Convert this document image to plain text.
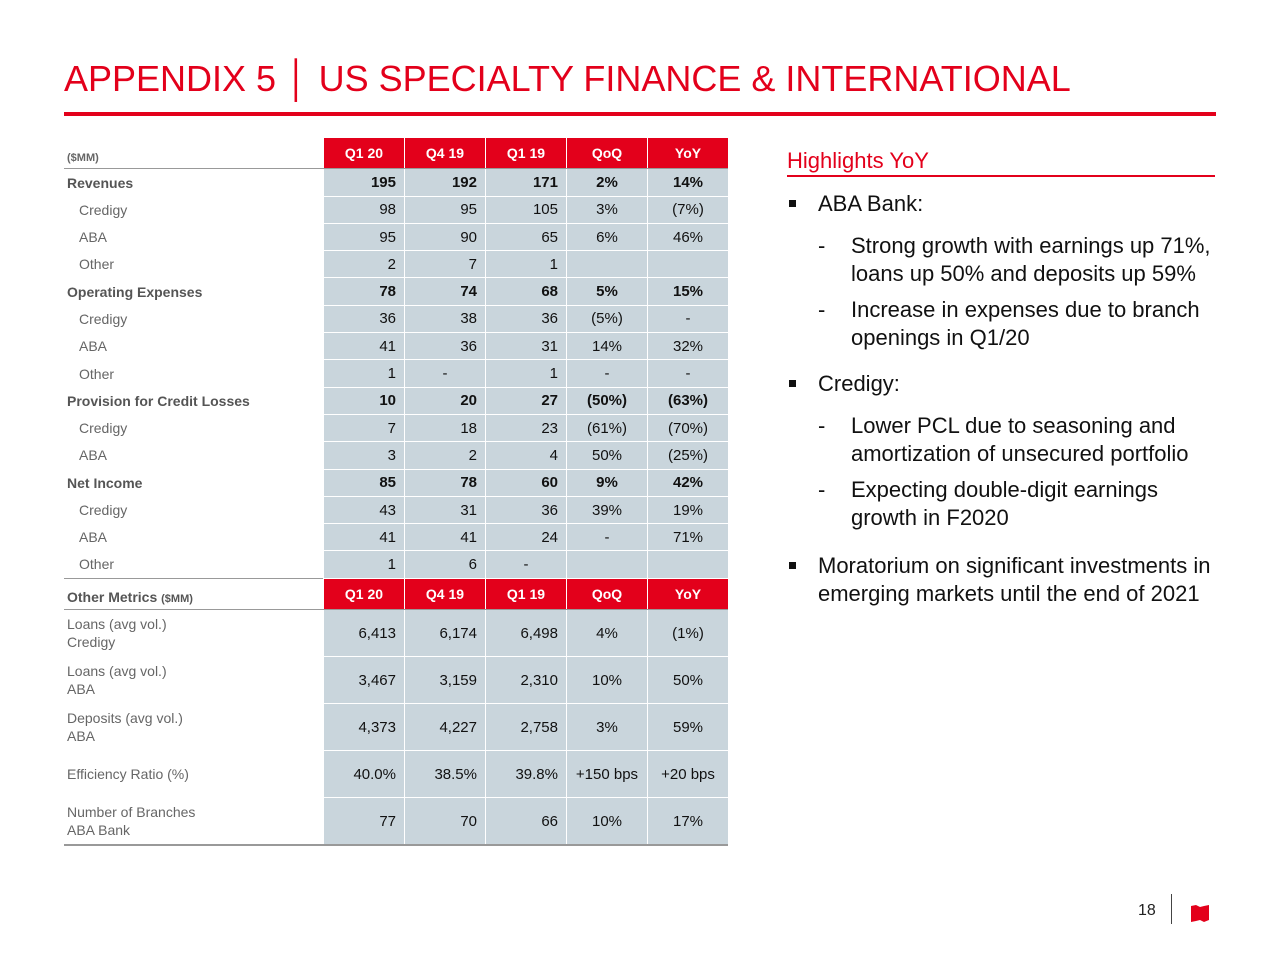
APPENDIX 5 │ US SPECIALTY FINANCE & INTERNATIONAL
($MM)	Q1 20	Q4 19	Q1 19	QoQ	YoY
Revenues	195	192	171	2%	14%
Credigy	98	95	105	3%	(7%)
ABA	95	90	65	6%	46%
Other	2	7	1		
Operating Expenses	78	74	68	5%	15%
Credigy	36	38	36	(5%)	-
ABA	41	36	31	14%	32%
Other	1	-	1	-	-
Provision for Credit Losses	10	20	27	(50%)	(63%)
Credigy	7	18	23	(61%)	(70%)
ABA	3	2	4	50%	(25%)
Net Income	85	78	60	9%	42%
Credigy	43	31	36	39%	19%
ABA	41	41	24	-	71%
Other	1	6	-		
Other Metrics ($MM)	Q1 20	Q4 19	Q1 19	QoQ	YoY
Loans (avg vol.)
Credigy	6,413	6,174	6,498	4%	(1%)
Loans (avg vol.)
ABA	3,467	3,159	2,310	10%	50%
Deposits (avg vol.)
ABA	4,373	4,227	2,758	3%	59%
Efficiency Ratio (%)	40.0%	38.5%	39.8%	+150 bps	+20 bps
Number of Branches
ABA Bank	77	70	66	10%	17%
Highlights YoY
ABA Bank:
- Strong growth with earnings up 71%, loans up 50% and deposits up 59%
- Increase in expenses due to branch openings in Q1/20
Credigy:
- Lower PCL due to seasoning and amortization of unsecured portfolio
- Expecting double-digit earnings growth in F2020
Moratorium on significant investments in emerging markets until the end of 2021
18
